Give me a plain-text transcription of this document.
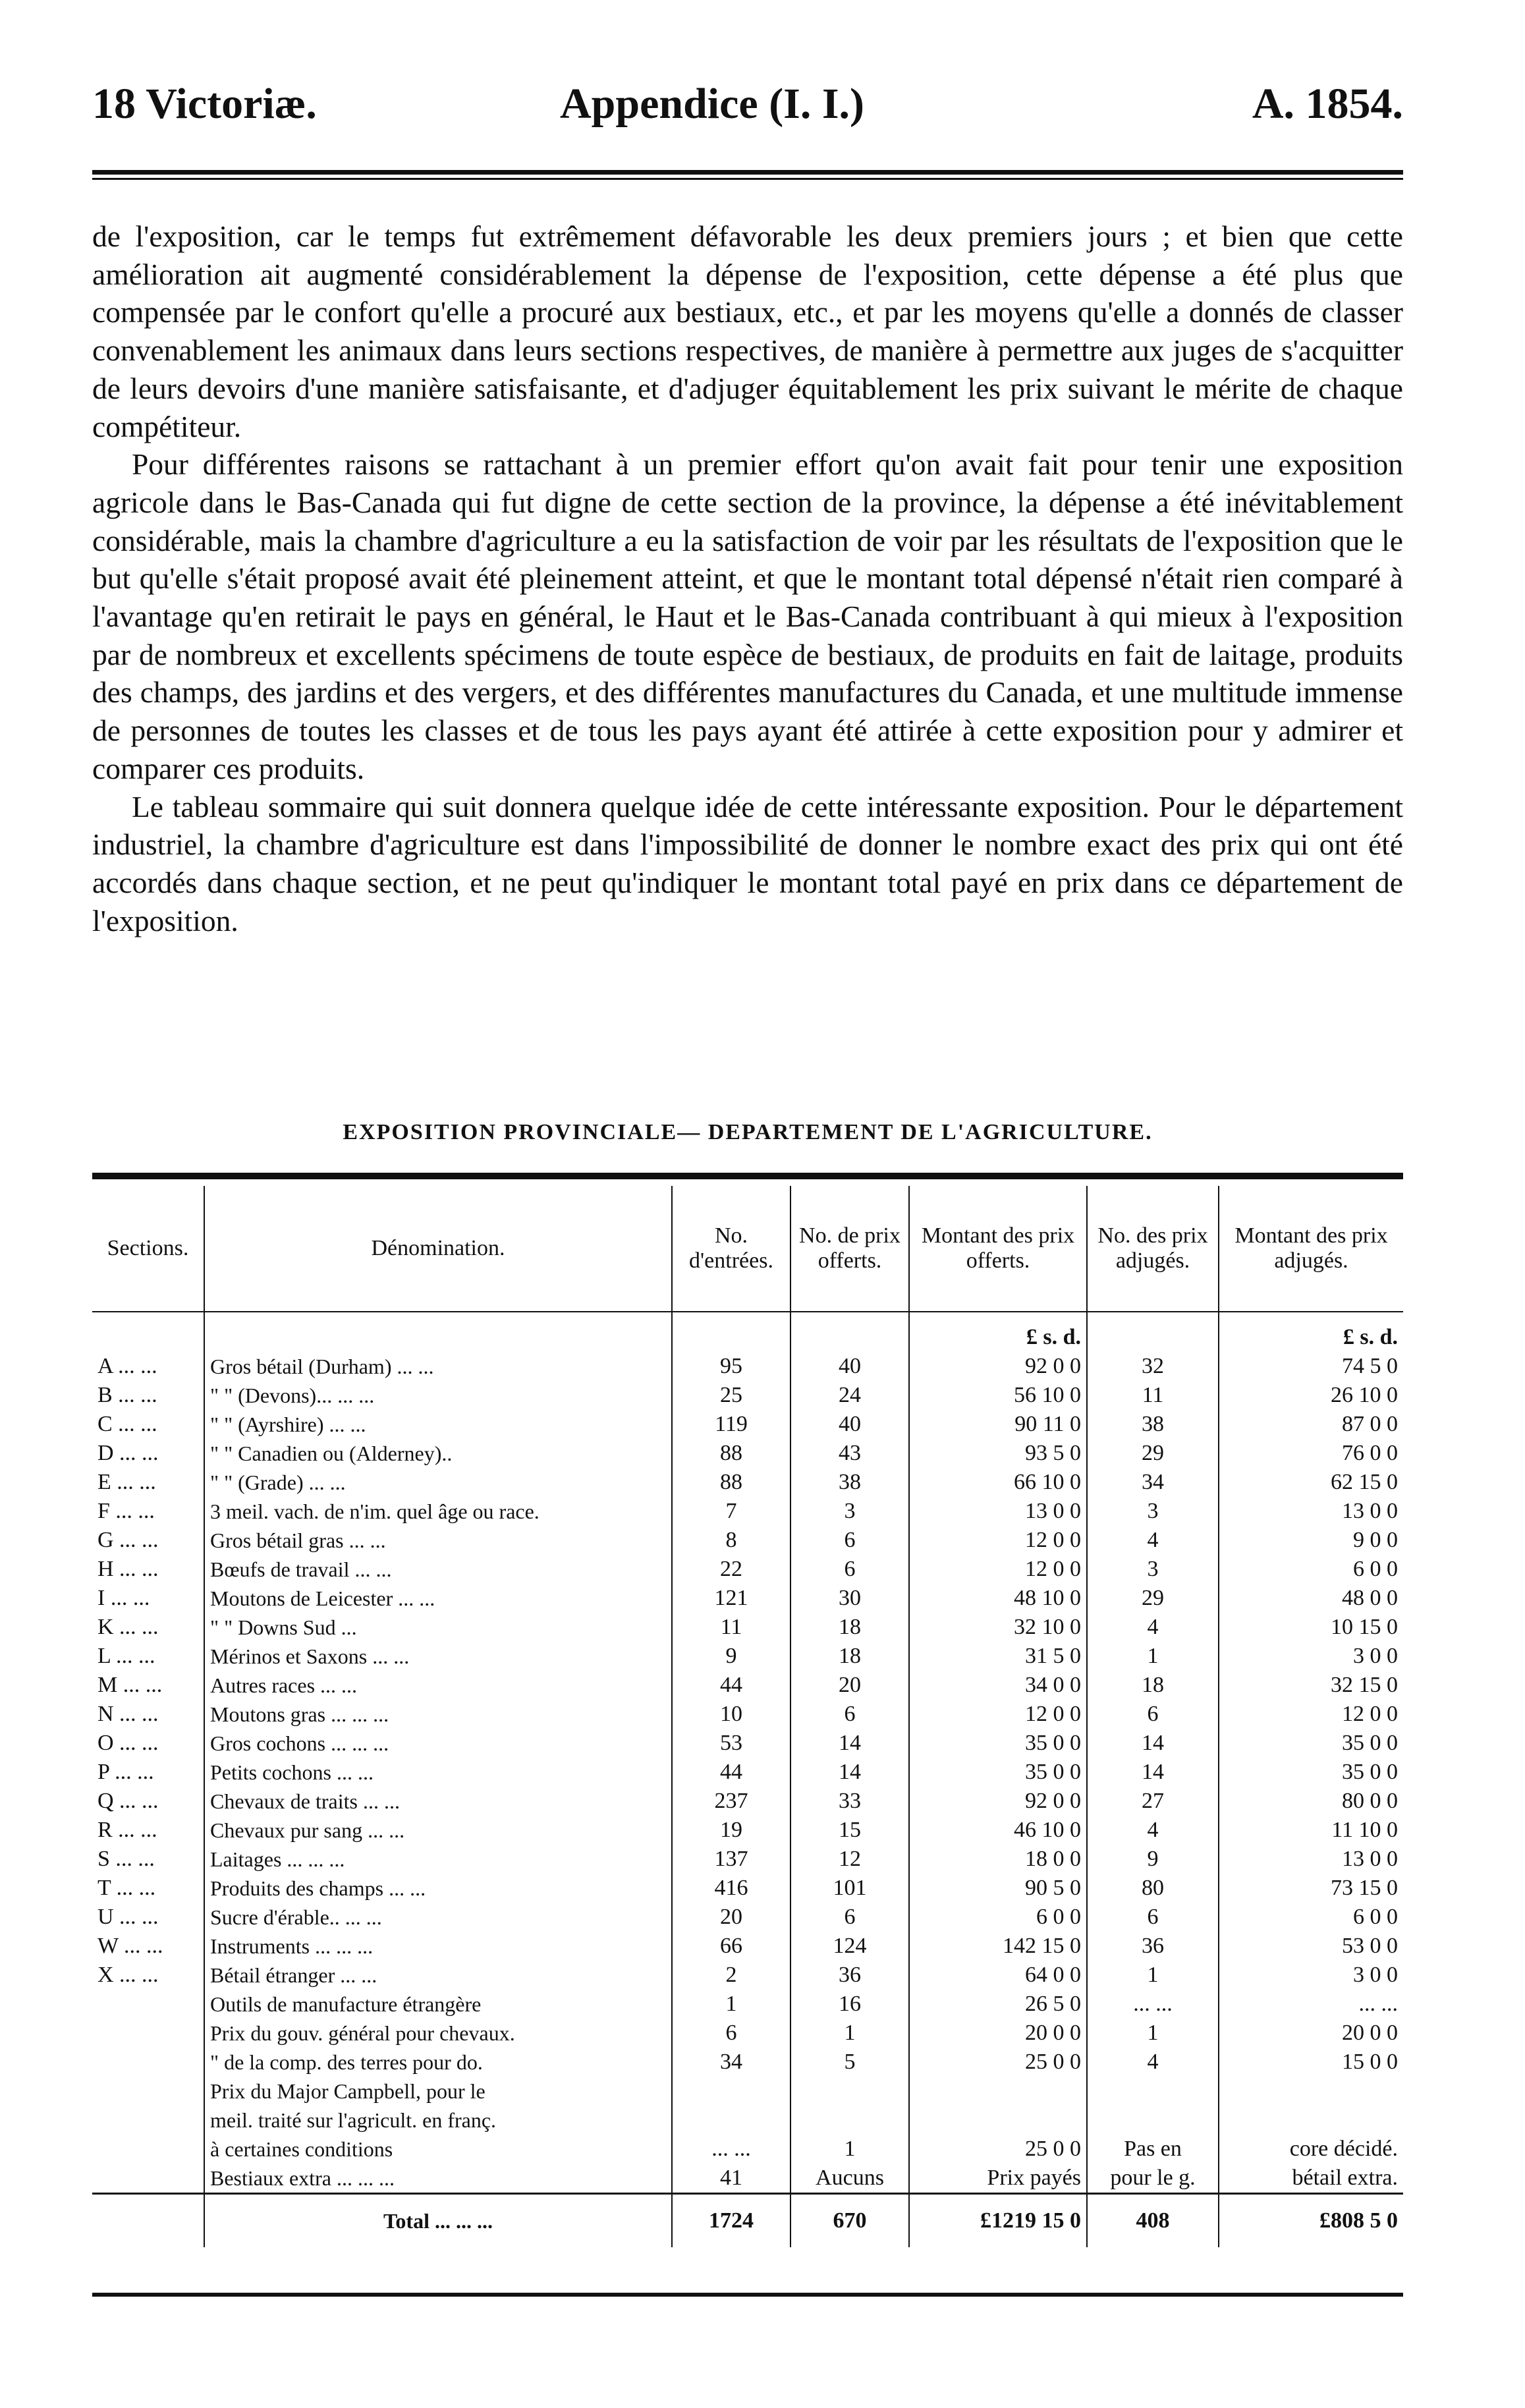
18 Victoriæ.	Appendice (I. I.)	A. 1854.

de l'exposition, car le temps fut extrêmement défavorable les deux premiers jours ; et bien que cette amélioration ait augmenté considérablement la dépense de l'exposition, cette dépense a été plus que compensée par le confort qu'elle a procuré aux bestiaux, etc., et par les moyens qu'elle a donnés de classer convenablement les animaux dans leurs sections respectives, de manière à permettre aux juges de s'acquitter de leurs devoirs d'une manière satisfaisante, et d'adjuger équitablement les prix suivant le mérite de chaque compétiteur.

Pour différentes raisons se rattachant à un premier effort qu'on avait fait pour tenir une exposition agricole dans le Bas-Canada qui fut digne de cette section de la province, la dépense a été inévitablement considérable, mais la chambre d'agriculture a eu la satisfaction de voir par les résultats de l'exposition que le but qu'elle s'était proposé avait été pleinement atteint, et que le montant total dépensé n'était rien comparé à l'avantage qu'en retirait le pays en général, le Haut et le Bas-Canada contribuant à qui mieux à l'exposition par de nombreux et excellents spécimens de toute espèce de bestiaux, de produits en fait de laitage, produits des champs, des jardins et des vergers, et des différentes manufactures du Canada, et une multitude immense de personnes de toutes les classes et de tous les pays ayant été attirée à cette exposition pour y admirer et comparer ces produits.

Le tableau sommaire qui suit donnera quelque idée de cette intéressante exposition. Pour le département industriel, la chambre d'agriculture est dans l'impossibilité de donner le nombre exact des prix qui ont été accordés dans chaque section, et ne peut qu'indiquer le montant total payé en prix dans ce département de l'exposition.

EXPOSITION PROVINCIALE— DEPARTEMENT DE L'AGRICULTURE.
Sections.	Dénomination.	No. d'entrées.	No. de prix offerts.	Montant des prix offerts.	No. des prix adjugés.	Montant des prix adjugés.
				£ s. d.		£ s. d.
A ... ...	Gros bétail (Durham) ... ...	95	40	92 0 0	32	74 5 0
B ... ...	" " (Devons)... ... ...	25	24	56 10 0	11	26 10 0
C ... ...	" " (Ayrshire) ... ...	119	40	90 11 0	38	87 0 0
D ... ...	" " Canadien ou (Alderney)..	88	43	93 5 0	29	76 0 0
E ... ...	" " (Grade) ... ...	88	38	66 10 0	34	62 15 0
F ... ...	3 meil. vach. de n'im. quel âge ou race.	7	3	13 0 0	3	13 0 0
G ... ...	Gros bétail gras ... ...	8	6	12 0 0	4	9 0 0
H ... ...	Bœufs de travail ... ...	22	6	12 0 0	3	6 0 0
I ... ...	Moutons de Leicester ... ...	121	30	48 10 0	29	48 0 0
K ... ...	" " Downs Sud ...	11	18	32 10 0	4	10 15 0
L ... ...	Mérinos et Saxons ... ...	9	18	31 5 0	1	3 0 0
M ... ...	Autres races ... ...	44	20	34 0 0	18	32 15 0
N ... ...	Moutons gras ... ... ...	10	6	12 0 0	6	12 0 0
O ... ...	Gros cochons ... ... ...	53	14	35 0 0	14	35 0 0
P ... ...	Petits cochons ... ...	44	14	35 0 0	14	35 0 0
Q ... ...	Chevaux de traits ... ...	237	33	92 0 0	27	80 0 0
R ... ...	Chevaux pur sang ... ...	19	15	46 10 0	4	11 10 0
S ... ...	Laitages ... ... ...	137	12	18 0 0	9	13 0 0
T ... ...	Produits des champs ... ...	416	101	90 5 0	80	73 15 0
U ... ...	Sucre d'érable.. ... ...	20	6	6 0 0	6	6 0 0
W ... ...	Instruments ... ... ...	66	124	142 15 0	36	53 0 0
X ... ...	Bétail étranger ... ...	2	36	64 0 0	1	3 0 0
	Outils de manufacture étrangère	1	16	26 5 0	... ...	... ...
	Prix du gouv. général pour chevaux.	6	1	20 0 0	1	20 0 0
	" de la comp. des terres pour do.	34	5	25 0 0	4	15 0 0
	Prix du Major Campbell, pour le					
	meil. traité sur l'agricult. en franç.					
	à certaines conditions	... ...	1	25 0 0	Pas en	core décidé.
	Bestiaux extra ... ... ...	41	Aucuns	Prix payés	pour le g.	bétail extra.
	Total ... ... ...	1724	670	£1219 15 0	408	£808 5 0
